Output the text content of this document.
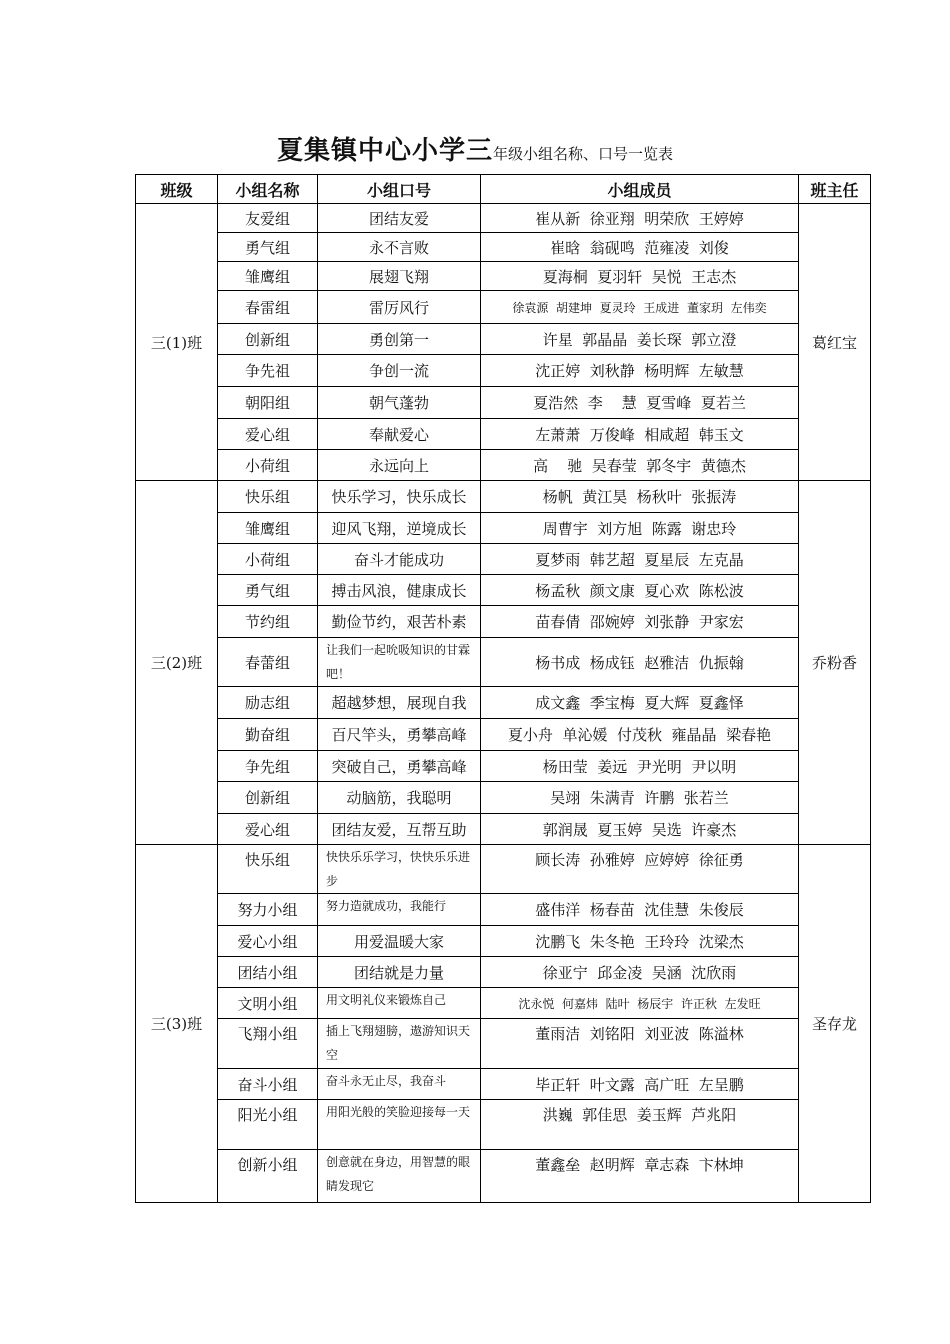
夏集镇中心小学三年级小组名称、口号一览表
班级	小组名称	小组口号	小组成员	班主任
三(1)班	友爱组	团结友爱	崔从新  徐亚翔  明荣欣  王婷婷	葛红宝
	勇气组	永不言败	崔晗  翁砚鸣  范雍凌  刘俊	
	雏鹰组	展翅飞翔	夏海桐  夏羽轩  吴悦  王志杰	
	春雷组	雷厉风行	徐袁源  胡建坤  夏灵玲  王成进  董家玥  左伟奕	
	创新组	勇创第一	许星  郭晶晶  姜长琛  郭立澄	
	争先祖	争创一流	沈正婷  刘秋静  杨明辉  左敏慧	
	朝阳组	朝气蓬勃	夏浩然  李    慧  夏雪峰  夏若兰	
	爱心组	奉献爱心	左萧萧  万俊峰  相咸超  韩玉文	
	小荷组	永远向上	高    驰  吴春莹  郭冬宇  黄德杰	
三(2)班	快乐组	快乐学习，快乐成长	杨帆  黄江昊  杨秋叶  张振涛	乔粉香
	雏鹰组	迎风飞翔，逆境成长	周曹宇  刘方旭  陈露  谢忠玲	
	小荷组	奋斗才能成功	夏梦雨  韩艺超  夏星辰  左克晶	
	勇气组	搏击风浪，健康成长	杨孟秋  颜文康  夏心欢  陈松波	
	节约组	勤俭节约，艰苦朴素	苗春倩  邵婉婷  刘张静  尹家宏	
	春蕾组	让我们一起吮吸知识的甘霖吧！	杨书成  杨成钰  赵雅洁  仇振翰	
	励志组	超越梦想，展现自我	成文鑫  季宝梅  夏大辉  夏鑫怿	
	勤奋组	百尺竿头，勇攀高峰	夏小舟  单沁媛  付茂秋  雍晶晶  梁春艳	
	争先组	突破自己，勇攀高峰	杨田莹  姜远  尹光明  尹以明	
	创新组	动脑筋，我聪明	吴翊  朱满青  许鹏  张若兰	
	爱心组	团结友爱，互帮互助	郭润晟  夏玉婷  吴选  许豪杰	
三(3)班	快乐组	快快乐乐学习，快快乐乐进步	顾长涛  孙雅婷  应婷婷  徐征勇	圣存龙
	努力小组	努力造就成功，我能行	盛伟洋  杨春苗  沈佳慧  朱俊辰	
	爱心小组	用爱温暖大家	沈鹏飞  朱冬艳  王玲玲  沈梁杰	
	团结小组	团结就是力量	徐亚宁  邱金凌  吴涵  沈欣雨	
	文明小组	用文明礼仪来锻炼自己	沈永悦  何嘉炜  陆叶  杨辰宇  许正秋  左发旺	
	飞翔小组	插上飞翔翅膀，遨游知识天空	董雨洁  刘铭阳  刘亚波  陈溢林	
	奋斗小组	奋斗永无止尽，我奋斗	毕正轩  叶文露  高广旺  左呈鹏	
	阳光小组	用阳光般的笑脸迎接每一天	洪巍  郭佳思  姜玉辉  芦兆阳	
	创新小组	创意就在身边，用智慧的眼睛发现它	董鑫垒  赵明辉  章志森  卞林坤	
